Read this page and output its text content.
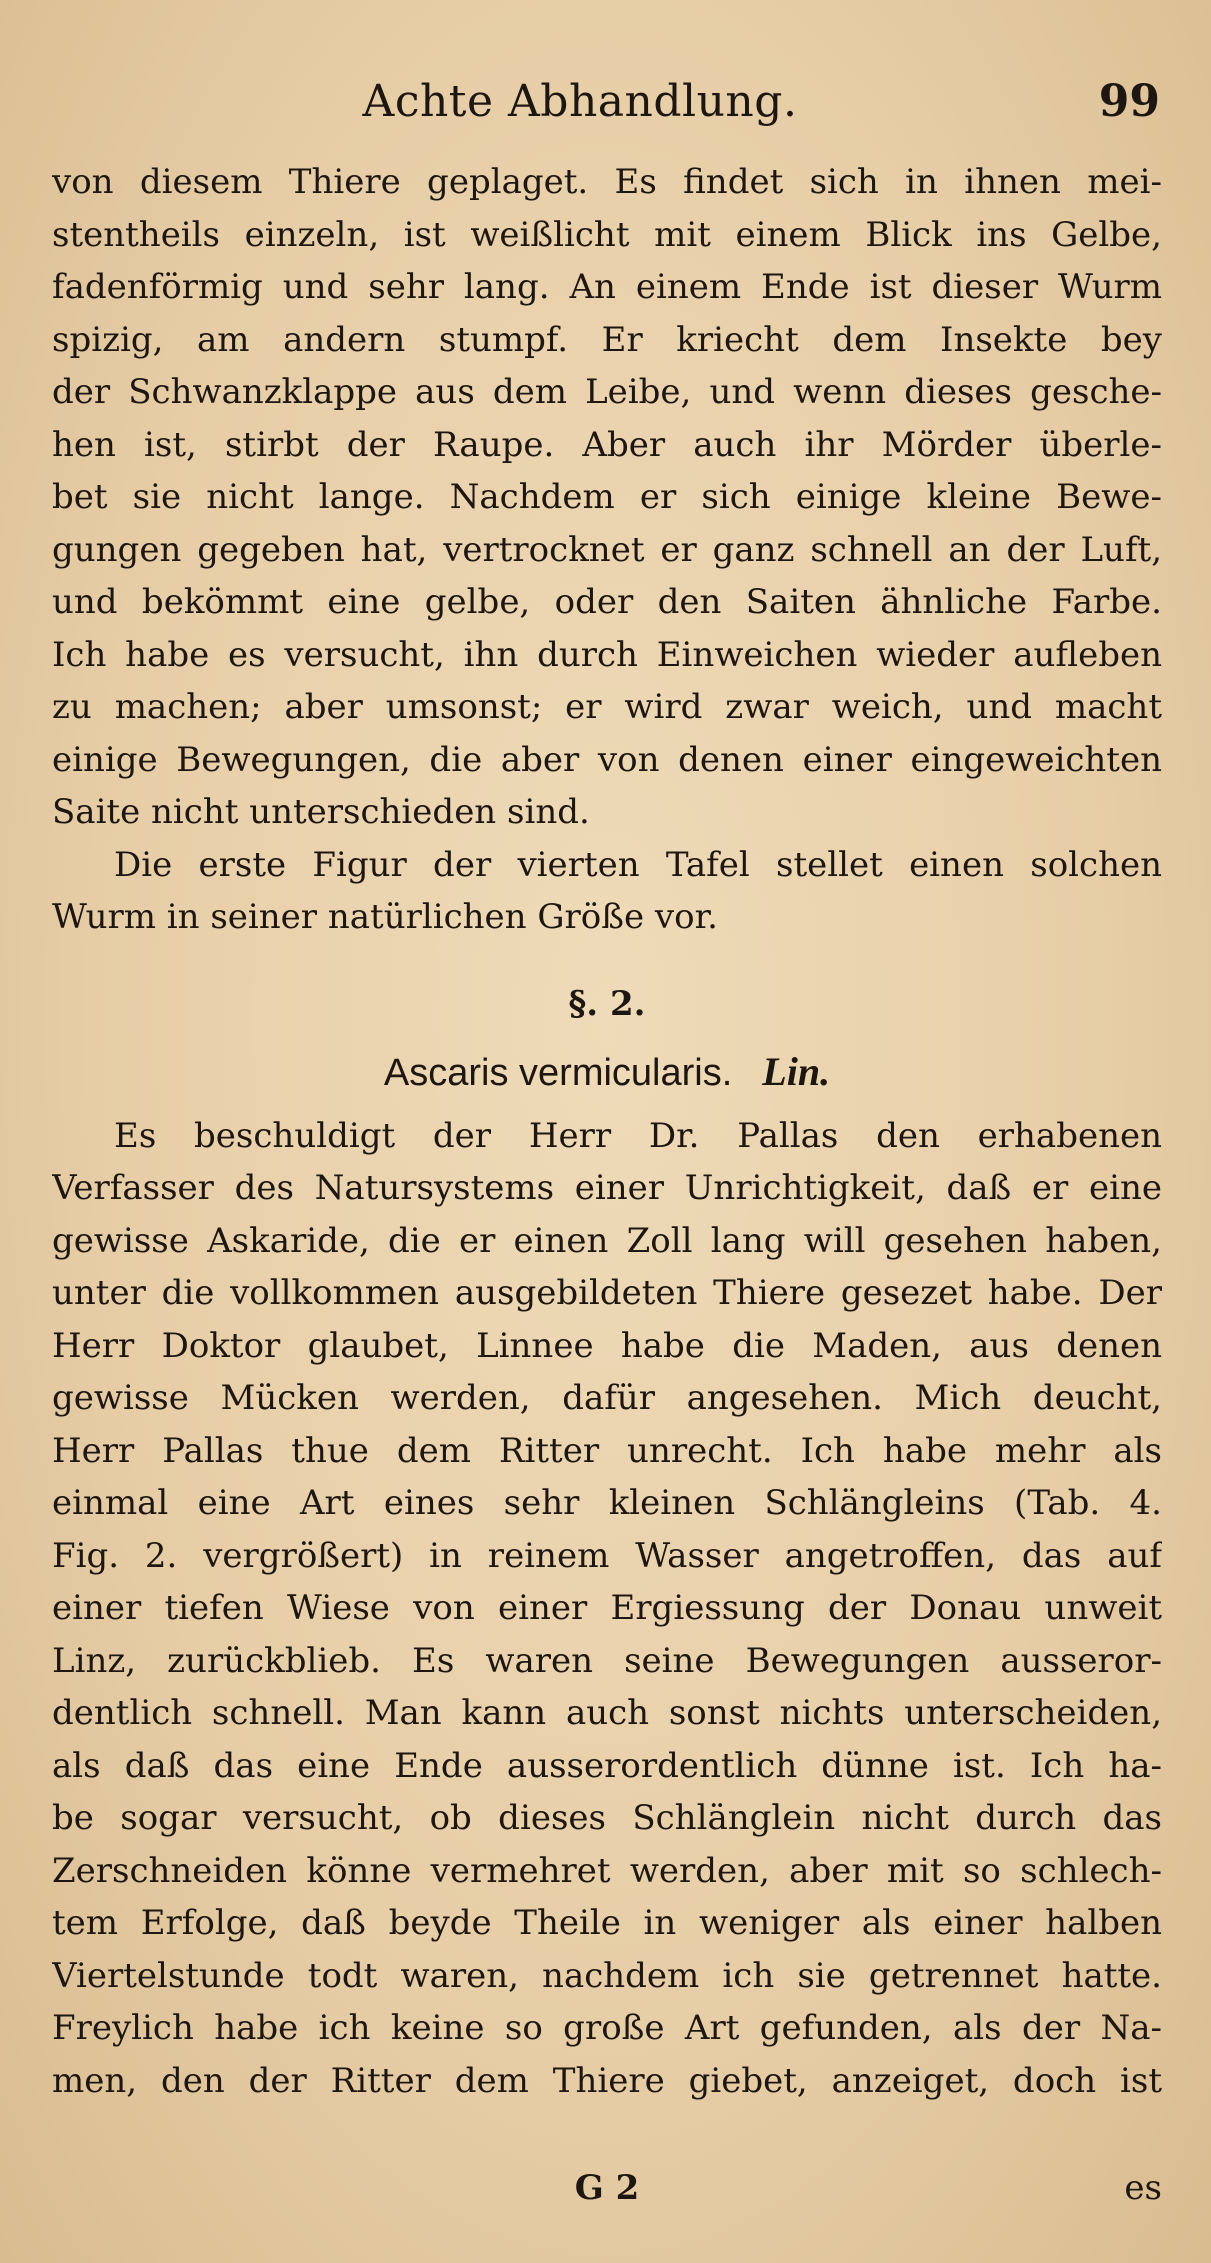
Achte Abhandlung.	99
von diesem Thiere geplaget. Es findet sich in ihnen mei-
stentheils einzeln, ist weißlicht mit einem Blick ins Gelbe,
fadenförmig und sehr lang. An einem Ende ist dieser Wurm
spizig, am andern stumpf. Er kriecht dem Insekte bey
der Schwanzklappe aus dem Leibe, und wenn dieses gesche-
hen ist, stirbt der Raupe. Aber auch ihr Mörder überle-
bet sie nicht lange. Nachdem er sich einige kleine Bewe-
gungen gegeben hat, vertrocknet er ganz schnell an der Luft,
und bekömmt eine gelbe, oder den Saiten ähnliche Farbe.
Ich habe es versucht, ihn durch Einweichen wieder aufleben
zu machen; aber umsonst; er wird zwar weich, und macht
einige Bewegungen, die aber von denen einer eingeweichten
Saite nicht unterschieden sind.
Die erste Figur der vierten Tafel stellet einen solchen
Wurm in seiner natürlichen Größe vor.
§. 2.
Ascaris vermicularis. Lin.
Es beschuldigt der Herr Dr. Pallas den erhabenen
Verfasser des Natursystems einer Unrichtigkeit, daß er eine
gewisse Askaride, die er einen Zoll lang will gesehen haben,
unter die vollkommen ausgebildeten Thiere gesezet habe. Der
Herr Doktor glaubet, Linnee habe die Maden, aus denen
gewisse Mücken werden, dafür angesehen. Mich deucht,
Herr Pallas thue dem Ritter unrecht. Ich habe mehr als
einmal eine Art eines sehr kleinen Schlängleins (Tab. 4.
Fig. 2. vergrößert) in reinem Wasser angetroffen, das auf
einer tiefen Wiese von einer Ergiessung der Donau unweit
Linz, zurückblieb. Es waren seine Bewegungen ausseror-
dentlich schnell. Man kann auch sonst nichts unterscheiden,
als daß das eine Ende ausserordentlich dünne ist. Ich ha-
be sogar versucht, ob dieses Schlänglein nicht durch das
Zerschneiden könne vermehret werden, aber mit so schlech-
tem Erfolge, daß beyde Theile in weniger als einer halben
Viertelstunde todt waren, nachdem ich sie getrennet hatte.
Freylich habe ich keine so große Art gefunden, als der Na-
men, den der Ritter dem Thiere giebet, anzeiget, doch ist
G 2	es
